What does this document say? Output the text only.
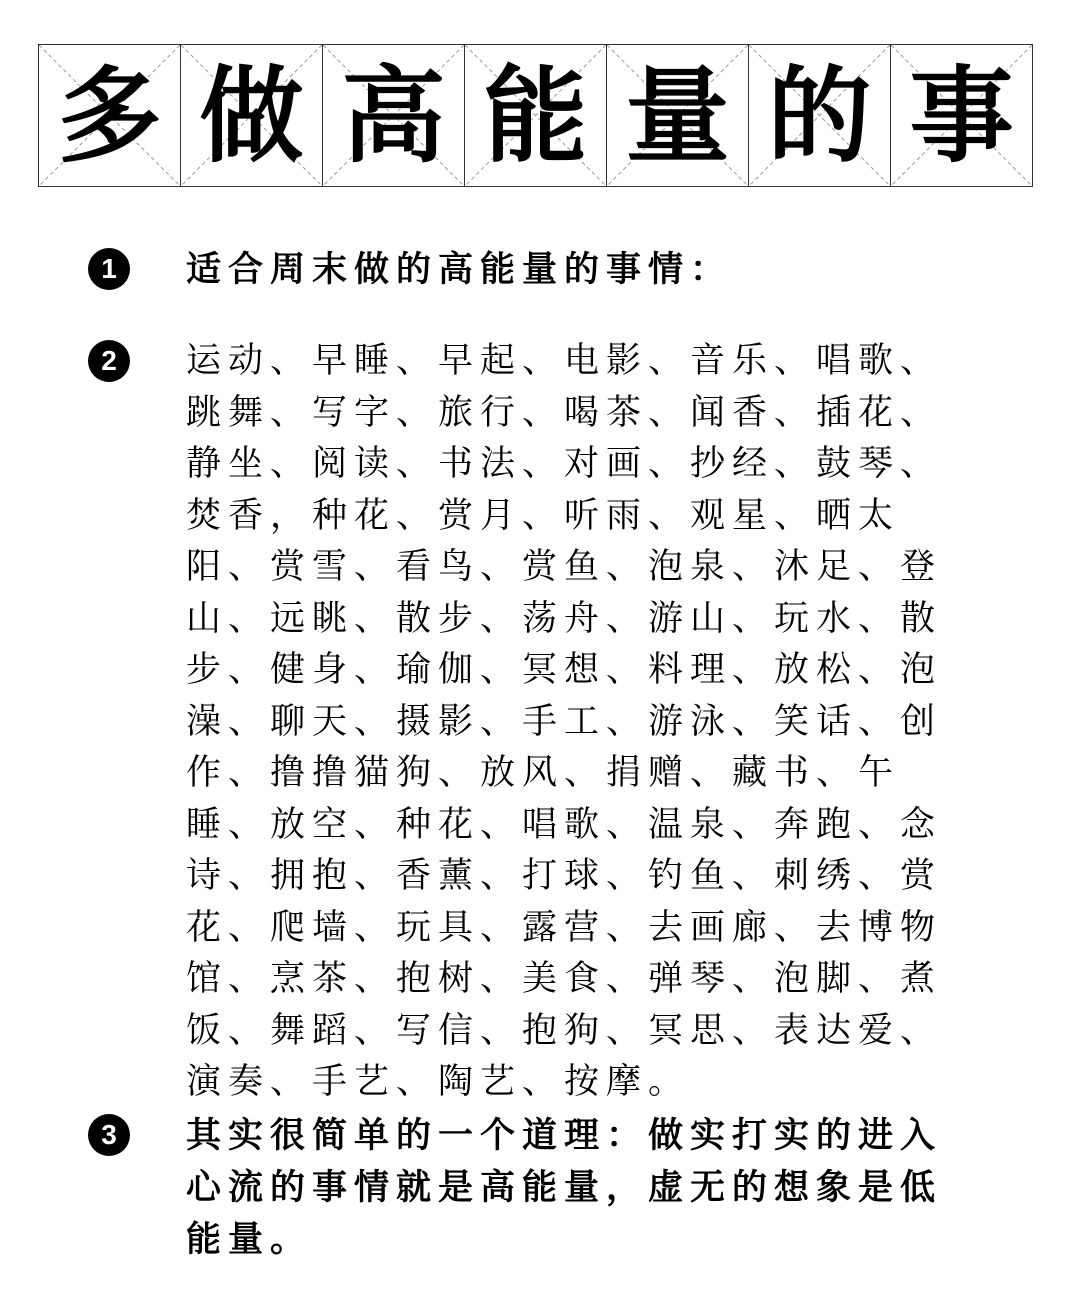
多 做 高 能 量 的 事
1	适合周末做的高能量的事情：
2	运动、早睡、早起、电影、音乐、唱歌、跳舞、写字、旅行、喝茶、闻香、插花、静坐、阅读、书法、对画、抄经、鼓琴、焚香，种花、赏月、听雨、观星、晒太阳、赏雪、看鸟、赏鱼、泡泉、沐足、登山、远眺、散步、荡舟、游山、玩水、散步、健身、瑜伽、冥想、料理、放松、泡澡、聊天、摄影、手工、游泳、笑话、创作、撸撸猫狗、放风、捐赠、藏书、午睡、放空、种花、唱歌、温泉、奔跑、念诗、拥抱、香薰、打球、钓鱼、刺绣、赏花、爬墙、玩具、露营、去画廊、去博物馆、烹茶、抱树、美食、弹琴、泡脚、煮饭、舞蹈、写信、抱狗、冥思、表达爱、演奏、手艺、陶艺、按摩。
3	其实很简单的一个道理：做实打实的进入心流的事情就是高能量，虚无的想象是低能量。
